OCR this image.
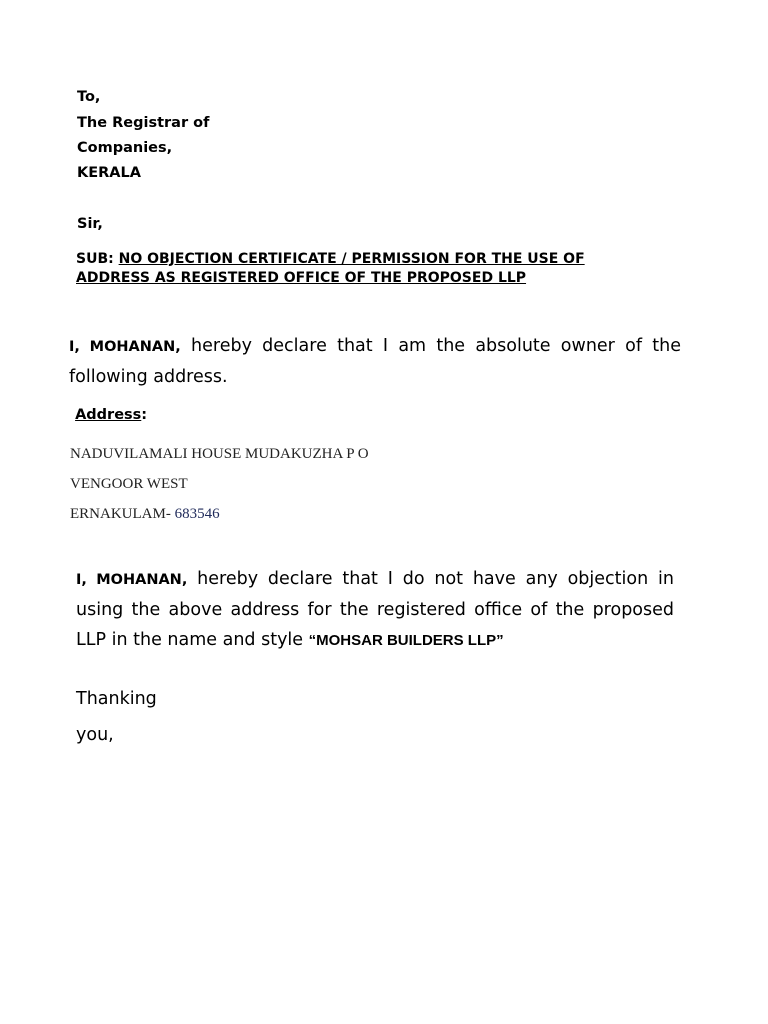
To,
The Registrar of
Companies,
KERALA
Sir,
SUB: NO OBJECTION CERTIFICATE / PERMISSION FOR THE USE OF
ADDRESS AS REGISTERED OFFICE OF THE PROPOSED LLP

I, MOHANAN, hereby declare that I am the absolute owner of the following address.

Address:
NADUVILAMALI HOUSE MUDAKUZHA P O
VENGOOR WEST
ERNAKULAM- 683546

I, MOHANAN, hereby declare that I do not have any objection in using the above address for the registered office of the proposed LLP in the name and style “MOHSAR BUILDERS LLP”

Thanking
you,
